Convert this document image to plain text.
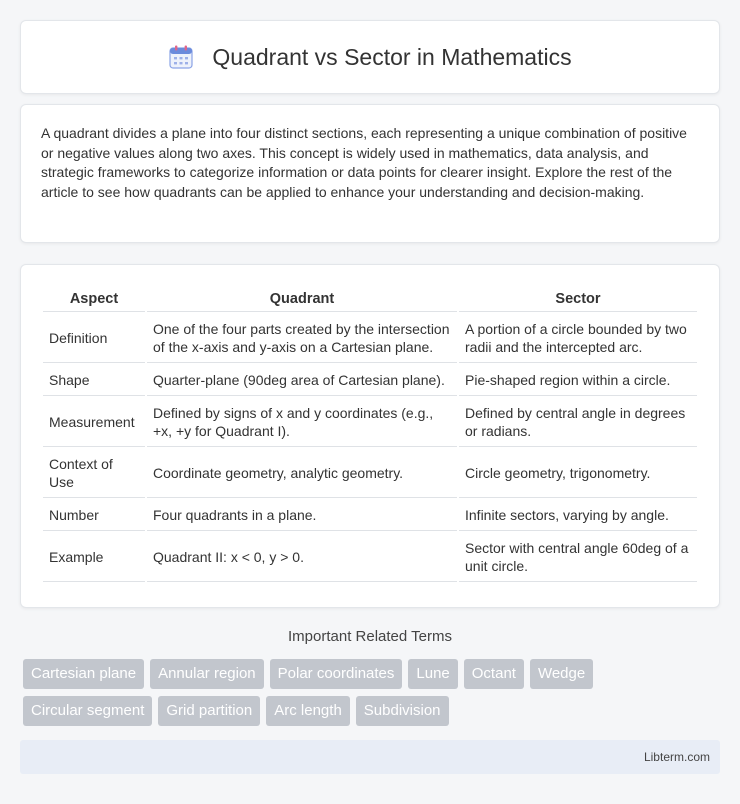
Quadrant vs Sector in Mathematics

A quadrant divides a plane into four distinct sections, each representing a unique combination of positive or negative values along two axes. This concept is widely used in mathematics, data analysis, and strategic frameworks to categorize information or data points for clearer insight. Explore the rest of the article to see how quadrants can be applied to enhance your understanding and decision-making.

Aspect	Quadrant	Sector
Definition	One of the four parts created by the intersection of the x-axis and y-axis on a Cartesian plane.	A portion of a circle bounded by two radii and the intercepted arc.
Shape	Quarter-plane (90deg area of Cartesian plane).	Pie-shaped region within a circle.
Measurement	Defined by signs of x and y coordinates (e.g., +x, +y for Quadrant I).	Defined by central angle in degrees or radians.
Context of Use	Coordinate geometry, analytic geometry.	Circle geometry, trigonometry.
Number	Four quadrants in a plane.	Infinite sectors, varying by angle.
Example	Quadrant II: x < 0, y > 0.	Sector with central angle 60deg of a unit circle.
Important Related Terms
Cartesian plane	Annular region	Polar coordinates	Lune	Octant	Wedge
Circular segment	Grid partition	Arc length	Subdivision
Libterm.com
